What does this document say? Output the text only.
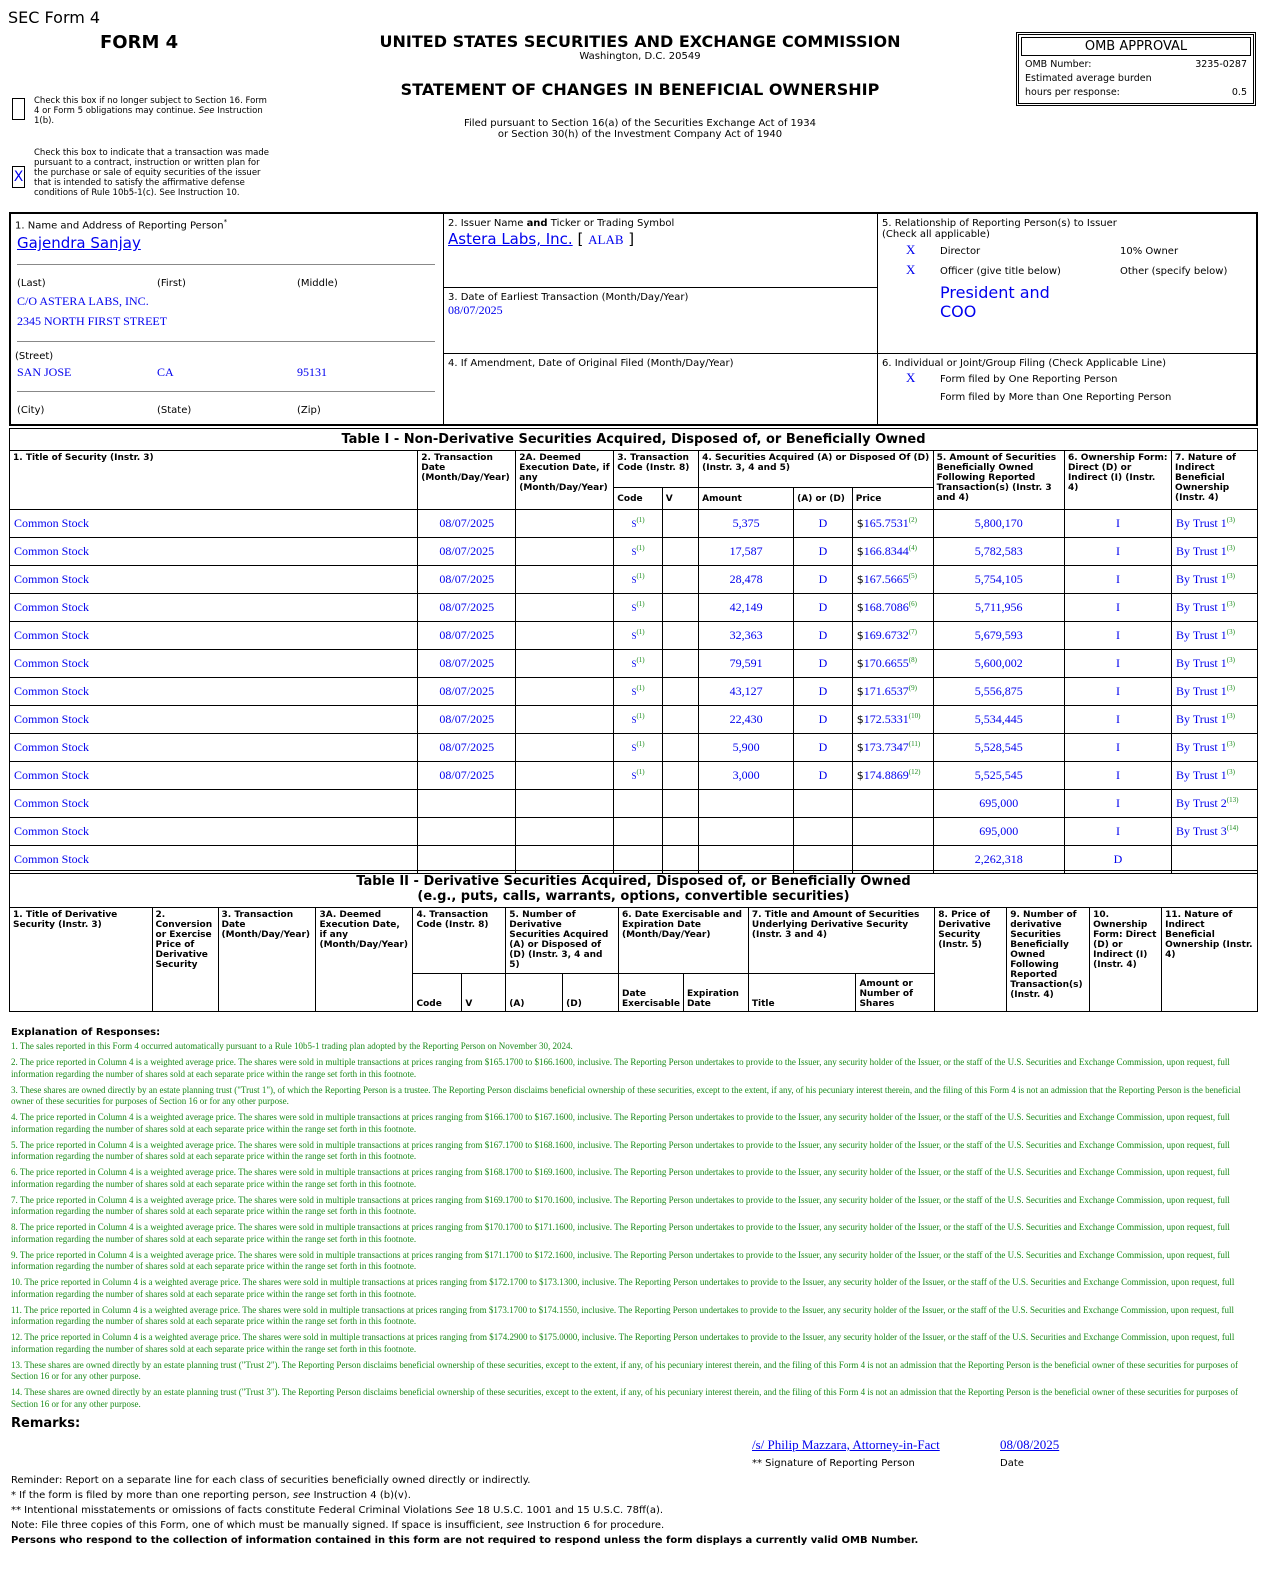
SEC Form 4
FORM 4	UNITED STATES SECURITIES AND EXCHANGE COMMISSION
Washington, D.C. 20549
STATEMENT OF CHANGES IN BENEFICIAL OWNERSHIP
Filed pursuant to Section 16(a) of the Securities Exchange Act of 1934
or Section 30(h) of the Investment Company Act of 1940
OMB APPROVAL
OMB Number:	3235-0287
Estimated average burden
hours per response:	0.5
Check this box if no longer subject to Section 16. Form 4 or Form 5 obligations may continue. See Instruction 1(b).
X
Check this box to indicate that a transaction was made pursuant to a contract, instruction or written plan for the purchase or sale of equity securities of the issuer that is intended to satisfy the affirmative defense conditions of Rule 10b5-1(c). See Instruction 10.
1. Name and Address of Reporting Person*
Gajendra Sanjay
(Last)	(First)	(Middle)
C/O ASTERA LABS, INC.
2345 NORTH FIRST STREET
(Street)
SAN JOSE	CA	95131
(City)	(State)	(Zip)
2. Issuer Name and Ticker or Trading Symbol
Astera Labs, Inc. [ ALAB ]
3. Date of Earliest Transaction (Month/Day/Year)
08/07/2025
4. If Amendment, Date of Original Filed (Month/Day/Year)
5. Relationship of Reporting Person(s) to Issuer
(Check all applicable)
X Director	10% Owner
X Officer (give title below)	Other (specify below)
President and COO
6. Individual or Joint/Group Filing (Check Applicable Line)
X Form filed by One Reporting Person
Form filed by More than One Reporting Person
Table I - Non-Derivative Securities Acquired, Disposed of, or Beneficially Owned										
1. Title of Security (Instr. 3)	2. Transaction Date (Month/Day/Year)	2A. Deemed Execution Date, if any (Month/Day/Year)	3. Transaction Code (Instr. 8)		4. Securities Acquired (A) or Disposed Of (D) (Instr. 3, 4 and 5)			5. Amount of Securities Beneficially Owned Following Reported Transaction(s) (Instr. 3 and 4)	6. Ownership Form: Direct (D) or Indirect (I) (Instr. 4)	7. Nature of Indirect Beneficial Ownership (Instr. 4)
			Code	V	Amount	(A) or (D)	Price			
Common Stock	08/07/2025		$S^{(1)}$		5,375	D	$165.7531$^{(2)}$	5,800,170	I	By Trust 1$^{(3)}$
Common Stock	08/07/2025		$S^{(1)}$		17,587	D	$166.8344$^{(4)}$	5,782,583	I	By Trust 1$^{(3)}$
Common Stock	08/07/2025		$S^{(1)}$		28,478	D	$167.5665$^{(5)}$	5,754,105	I	By Trust 1$^{(3)}$
Common Stock	08/07/2025		$S^{(1)}$		42,149	D	$168.7086$^{(6)}$	5,711,956	I	By Trust 1$^{(3)}$
Common Stock	08/07/2025		$S^{(1)}$		32,363	D	$169.6732$^{(7)}$	5,679,593	I	By Trust 1$^{(3)}$
Common Stock	08/07/2025		$S^{(1)}$		79,591	D	$170.6655$^{(8)}$	5,600,002	I	By Trust 1$^{(3)}$
Common Stock	08/07/2025		$S^{(1)}$		43,127	D	$171.6537$^{(9)}$	5,556,875	I	By Trust 1$^{(3)}$
Common Stock	08/07/2025		$S^{(1)}$		22,430	D	$172.5331$^{(10)}$	5,534,445	I	By Trust 1$^{(3)}$
Common Stock	08/07/2025		$S^{(1)}$		5,900	D	$173.7347$^{(11)}$	5,528,545	I	By Trust 1$^{(3)}$
Common Stock	08/07/2025		$S^{(1)}$		3,000	D	$174.8869$^{(12)}$	5,525,545	I	By Trust 1$^{(3)}$
Common Stock								695,000	I	By Trust 2$^{(13)}$
Common Stock								695,000	I	By Trust 3$^{(14)}$
Common Stock								2,262,318	D	
Table II - Derivative Securities Acquired, Disposed of, or Beneficially Owned
(e.g., puts, calls, warrants, options, convertible securities)															

1. Title of Derivative Security (Instr. 3)	2. Conversion or Exercise Price of Derivative Security	3. Transaction Date (Month/Day/Year)	3A. Deemed Execution Date, if any (Month/Day/Year)	4. Transaction Code (Instr. 8)		5. Number of Derivative Securities Acquired (A) or Disposed of (D) (Instr. 3, 4 and 5)		6. Date Exercisable and Expiration Date (Month/Day/Year)		7. Title and Amount of Securities Underlying Derivative Security (Instr. 3 and 4)		8. Price of Derivative Security (Instr. 5)	9. Number of derivative Securities Beneficially Owned Following Reported Transaction(s) (Instr. 4)	10. Ownership Form: Direct (D) or Indirect (I) (Instr. 4)	11. Nature of Indirect Beneficial Ownership (Instr. 4)
				Code	V	(A)	(D)	Date Exercisable	Expiration Date	Title	Amount or Number of Shares				
Explanation of Responses:
1. The sales reported in this Form 4 occurred automatically pursuant to a Rule 10b5-1 trading plan adopted by the Reporting Person on November 30, 2024.
2. The price reported in Column 4 is a weighted average price. The shares were sold in multiple transactions at prices ranging from $165.1700 to $166.1600, inclusive. The Reporting Person undertakes to provide to the Issuer, any security holder of the Issuer, or the staff of the U.S. Securities and Exchange Commission, upon request, full information regarding the number of shares sold at each separate price within the range set forth in this footnote.
3. These shares are owned directly by an estate planning trust ("Trust 1"), of which the Reporting Person is a trustee. The Reporting Person disclaims beneficial ownership of these securities, except to the extent, if any, of his pecuniary interest therein, and the filing of this Form 4 is not an admission that the Reporting Person is the beneficial owner of these securities for purposes of Section 16 or for any other purpose.
4. The price reported in Column 4 is a weighted average price. The shares were sold in multiple transactions at prices ranging from $166.1700 to $167.1600, inclusive. The Reporting Person undertakes to provide to the Issuer, any security holder of the Issuer, or the staff of the U.S. Securities and Exchange Commission, upon request, full information regarding the number of shares sold at each separate price within the range set forth in this footnote.
5. The price reported in Column 4 is a weighted average price. The shares were sold in multiple transactions at prices ranging from $167.1700 to $168.1600, inclusive. The Reporting Person undertakes to provide to the Issuer, any security holder of the Issuer, or the staff of the U.S. Securities and Exchange Commission, upon request, full information regarding the number of shares sold at each separate price within the range set forth in this footnote.
6. The price reported in Column 4 is a weighted average price. The shares were sold in multiple transactions at prices ranging from $168.1700 to $169.1600, inclusive. The Reporting Person undertakes to provide to the Issuer, any security holder of the Issuer, or the staff of the U.S. Securities and Exchange Commission, upon request, full information regarding the number of shares sold at each separate price within the range set forth in this footnote.
7. The price reported in Column 4 is a weighted average price. The shares were sold in multiple transactions at prices ranging from $169.1700 to $170.1600, inclusive. The Reporting Person undertakes to provide to the Issuer, any security holder of the Issuer, or the staff of the U.S. Securities and Exchange Commission, upon request, full information regarding the number of shares sold at each separate price within the range set forth in this footnote.
8. The price reported in Column 4 is a weighted average price. The shares were sold in multiple transactions at prices ranging from $170.1700 to $171.1600, inclusive. The Reporting Person undertakes to provide to the Issuer, any security holder of the Issuer, or the staff of the U.S. Securities and Exchange Commission, upon request, full information regarding the number of shares sold at each separate price within the range set forth in this footnote.
9. The price reported in Column 4 is a weighted average price. The shares were sold in multiple transactions at prices ranging from $171.1700 to $172.1600, inclusive. The Reporting Person undertakes to provide to the Issuer, any security holder of the Issuer, or the staff of the U.S. Securities and Exchange Commission, upon request, full information regarding the number of shares sold at each separate price within the range set forth in this footnote.
10. The price reported in Column 4 is a weighted average price. The shares were sold in multiple transactions at prices ranging from $172.1700 to $173.1300, inclusive. The Reporting Person undertakes to provide to the Issuer, any security holder of the Issuer, or the staff of the U.S. Securities and Exchange Commission, upon request, full information regarding the number of shares sold at each separate price within the range set forth in this footnote.
11. The price reported in Column 4 is a weighted average price. The shares were sold in multiple transactions at prices ranging from $173.1700 to $174.1550, inclusive. The Reporting Person undertakes to provide to the Issuer, any security holder of the Issuer, or the staff of the U.S. Securities and Exchange Commission, upon request, full information regarding the number of shares sold at each separate price within the range set forth in this footnote.
12. The price reported in Column 4 is a weighted average price. The shares were sold in multiple transactions at prices ranging from $174.2900 to $175.0000, inclusive. The Reporting Person undertakes to provide to the Issuer, any security holder of the Issuer, or the staff of the U.S. Securities and Exchange Commission, upon request, full information regarding the number of shares sold at each separate price within the range set forth in this footnote.
13. These shares are owned directly by an estate planning trust ("Trust 2"). The Reporting Person disclaims beneficial ownership of these securities, except to the extent, if any, of his pecuniary interest therein, and the filing of this Form 4 is not an admission that the Reporting Person is the beneficial owner of these securities for purposes of Section 16 or for any other purpose.
14. These shares are owned directly by an estate planning trust ("Trust 3"). The Reporting Person disclaims beneficial ownership of these securities, except to the extent, if any, of his pecuniary interest therein, and the filing of this Form 4 is not an admission that the Reporting Person is the beneficial owner of these securities for purposes of Section 16 or for any other purpose.
Remarks:
/s/ Philip Mazzara, Attorney-in-Fact	08/08/2025
** Signature of Reporting Person	Date
Reminder: Report on a separate line for each class of securities beneficially owned directly or indirectly.
* If the form is filed by more than one reporting person, see Instruction 4 (b)(v).
** Intentional misstatements or omissions of facts constitute Federal Criminal Violations See 18 U.S.C. 1001 and 15 U.S.C. 78ff(a).
Note: File three copies of this Form, one of which must be manually signed. If space is insufficient, see Instruction 6 for procedure.
Persons who respond to the collection of information contained in this form are not required to respond unless the form displays a currently valid OMB Number.
